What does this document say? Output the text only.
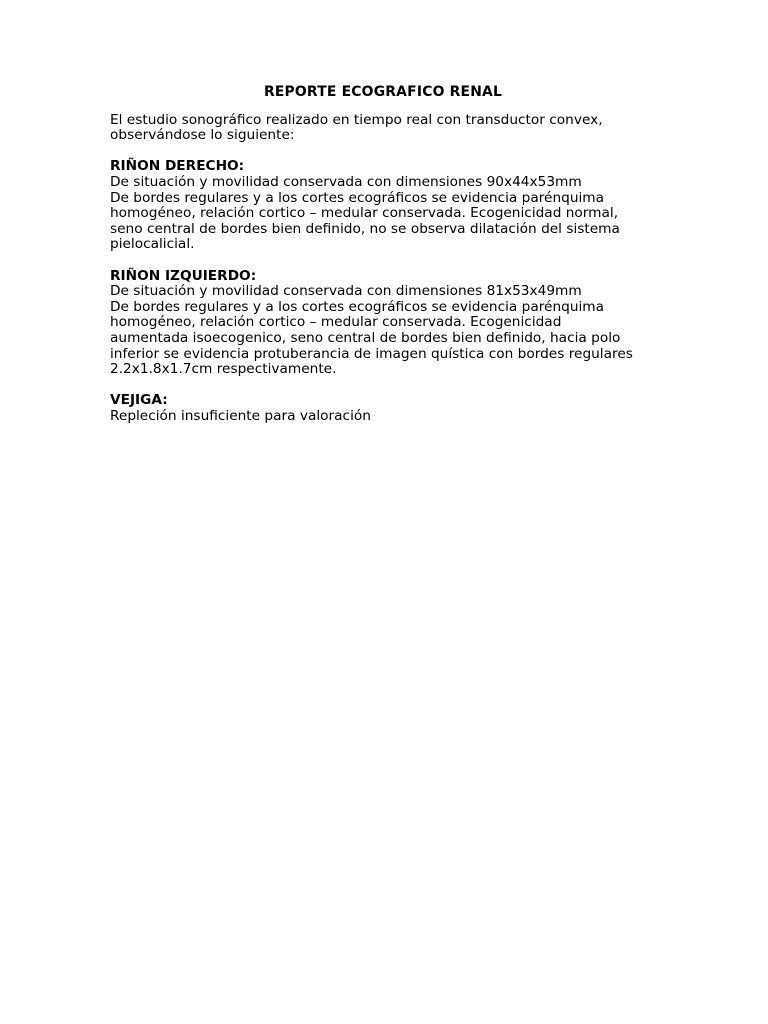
REPORTE ECOGRAFICO RENAL

El estudio sonográfico realizado en tiempo real con transductor convex,
observándose lo siguiente:

RIÑON DERECHO:

De situación y movilidad conservada con dimensiones 90x44x53mm

De bordes regulares y a los cortes ecográficos se evidencia parénquima
homogéneo, relación cortico – medular conservada. Ecogenicidad normal,
seno central de bordes bien definido, no se observa dilatación del sistema
pielocalicial.

RIÑON IZQUIERDO:

De situación y movilidad conservada con dimensiones 81x53x49mm

De bordes regulares y a los cortes ecográficos se evidencia parénquima
homogéneo, relación cortico – medular conservada. Ecogenicidad
aumentada isoecogenico, seno central de bordes bien definido, hacia polo
inferior se evidencia protuberancia de imagen quística con bordes regulares
2.2x1.8x1.7cm respectivamente.

VEJIGA:

Repleción insuficiente para valoración
